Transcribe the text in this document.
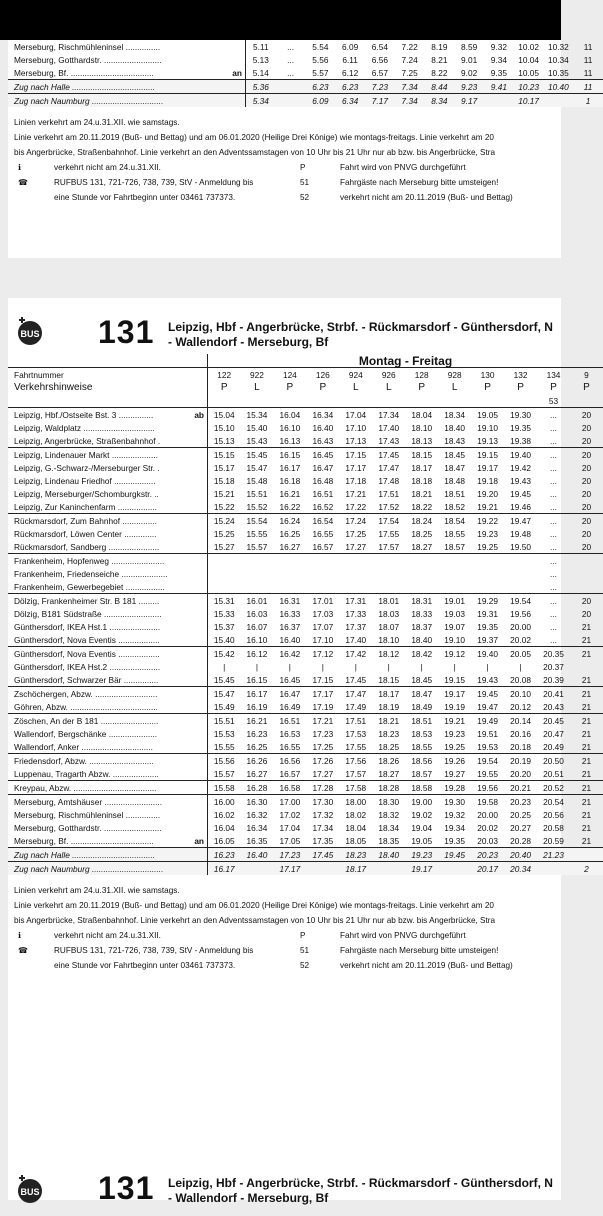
Merseburg, Rischmühleninsel ...............		5.11	...	5.54	6.09	6.54	7.22	8.19	8.59	9.32	10.02	10.32	11
Merseburg, Gotthardstr. .........................		5.13	...	5.56	6.11	6.56	7.24	8.21	9.01	9.34	10.04	10.34	11
Merseburg, Bf. ....................................	an	5.14	...	5.57	6.12	6.57	7.25	8.22	9.02	9.35	10.05	10.35	11
Zug nach Halle ....................................		5.36		6.23	6.23	7.23	7.34	8.44	9.23	9.41	10.23	10.40	11
Zug nach Naumburg ...............................		5.34		6.09	6.34	7.17	7.34	8.34	9.17		10.17		1
Linien verkehrt am 24.u.31.XII. wie samstags.
Linie verkehrt am 20.11.2019 (Buß- und Bettag) und am 06.01.2020 (Heilige Drei Könige) wie montags-freitags. Linie verkehrt am 20
bis Angerbrücke, Straßenbahnhof. Linie verkehrt an den Adventssamstagen von 10 Uhr bis 21 Uhr nur ab bzw. bis Angerbrücke, Stra
ℹ	verkehrt nicht am 24.u.31.XII.	P	Fahrt wird von PNVG durchgeführt
☎	RUFBUS 131, 721-726, 738, 739, StV - Anmeldung bis	51	Fahrgäste nach Merseburg bitte umsteigen!
eine Stunde vor Fahrtbeginn unter 03461 737373.	52	verkehrt nicht am 20.11.2019 (Buß- und Bettag)
BUS 131 Leipzig, Hbf - Angerbrücke, Strbf. - Rückmarsdorf - Günthersdorf, N
- Wallendorf - Merseburg, Bf
		Montag - Freitag											
Fahrtnummer		122	922	124	126	924	926	128	928	130	132	134	9
Verkehrshinweise		P	L	P	P	L	L	P	L	P	P	P	P
												53	
Leipzig, Hbf./Ostseite Bst. 3 ...............	ab	15.04	15.34	16.04	16.34	17.04	17.34	18.04	18.34	19.05	19.30	...	20
Leipzig, Waldplatz ...............................		15.10	15.40	16.10	16.40	17.10	17.40	18.10	18.40	19.10	19.35	...	20
Leipzig, Angerbrücke, Straßenbahnhof .		15.13	15.43	16.13	16.43	17.13	17.43	18.13	18.43	19.13	19.38	...	20
Leipzig, Lindenauer Markt ....................		15.15	15.45	16.15	16.45	17.15	17.45	18.15	18.45	19.15	19.40	...	20
Leipzig, G.-Schwarz-/Merseburger Str. .		15.17	15.47	16.17	16.47	17.17	17.47	18.17	18.47	19.17	19.42	...	20
Leipzig, Lindenau Friedhof ..................		15.18	15.48	16.18	16.48	17.18	17.48	18.18	18.48	19.18	19.43	...	20
Leipzig, Merseburger/Schomburgkstr. ..		15.21	15.51	16.21	16.51	17.21	17.51	18.21	18.51	19.20	19.45	...	20
Leipzig, Zur Kaninchenfarm .................		15.22	15.52	16.22	16.52	17.22	17.52	18.22	18.52	19.21	19.46	...	20
Rückmarsdorf, Zum Bahnhof ...............		15.24	15.54	16.24	16.54	17.24	17.54	18.24	18.54	19.22	19.47	...	20
Rückmarsdorf, Löwen Center ..............		15.25	15.55	16.25	16.55	17.25	17.55	18.25	18.55	19.23	19.48	...	20
Rückmarsdorf, Sandberg ......................		15.27	15.57	16.27	16.57	17.27	17.57	18.27	18.57	19.25	19.50	...	20
Frankenheim, Hopfenweg .......................												...	
Frankenheim, Friedenseiche ....................												...	
Frankenheim, Gewerbegebiet .................												...	
Dölzig, Frankenheimer Str. B 181 .........		15.31	16.01	16.31	17.01	17.31	18.01	18.31	19.01	19.29	19.54	...	20
Dölzig, B181 Südstraße .........................		15.33	16.03	16.33	17.03	17.33	18.03	18.33	19.03	19.31	19.56	...	20
Günthersdorf, IKEA Hst.1 ......................		15.37	16.07	16.37	17.07	17.37	18.07	18.37	19.07	19.35	20.00	...	21
Günthersdorf, Nova Eventis ..................		15.40	16.10	16.40	17.10	17.40	18.10	18.40	19.10	19.37	20.02	...	21
Günthersdorf, Nova Eventis ..................		15.42	16.12	16.42	17.12	17.42	18.12	18.42	19.12	19.40	20.05	20.35	21
Günthersdorf, IKEA Hst.2 ......................		|	|	|	|	|	|	|	|	|	|	20.37	
Günthersdorf, Schwarzer Bär ...............		15.45	16.15	16.45	17.15	17.45	18.15	18.45	19.15	19.43	20.08	20.39	21
Zschöchergen, Abzw. ...........................		15.47	16.17	16.47	17.17	17.47	18.17	18.47	19.17	19.45	20.10	20.41	21
Göhren, Abzw. ......................................		15.49	16.19	16.49	17.19	17.49	18.19	18.49	19.19	19.47	20.12	20.43	21
Zöschen, An der B 181 .........................		15.51	16.21	16.51	17.21	17.51	18.21	18.51	19.21	19.49	20.14	20.45	21
Wallendorf, Bergschänke .....................		15.53	16.23	16.53	17.23	17.53	18.23	18.53	19.23	19.51	20.16	20.47	21
Wallendorf, Anker ...............................		15.55	16.25	16.55	17.25	17.55	18.25	18.55	19.25	19.53	20.18	20.49	21
Friedensdorf, Abzw. ............................		15.56	16.26	16.56	17.26	17.56	18.26	18.56	19.26	19.54	20.19	20.50	21
Luppenau, Tragarth Abzw. ....................		15.57	16.27	16.57	17.27	17.57	18.27	18.57	19.27	19.55	20.20	20.51	21
Kreypau, Abzw. ....................................		15.58	16.28	16.58	17.28	17.58	18.28	18.58	19.28	19.56	20.21	20.52	21
Merseburg, Amtshäuser .........................		16.00	16.30	17.00	17.30	18.00	18.30	19.00	19.30	19.58	20.23	20.54	21
Merseburg, Rischmühleninsel ...............		16.02	16.32	17.02	17.32	18.02	18.32	19.02	19.32	20.00	20.25	20.56	21
Merseburg, Gotthardstr. .........................		16.04	16.34	17.04	17.34	18.04	18.34	19.04	19.34	20.02	20.27	20.58	21
Merseburg, Bf. ....................................	an	16.05	16.35	17.05	17.35	18.05	18.35	19.05	19.35	20.03	20.28	20.59	21
Zug nach Halle ....................................		16.23	16.40	17.23	17.45	18.23	18.40	19.23	19.45	20.23	20.40	21.23	
Zug nach Naumburg ...............................		16.17		17.17		18.17		19.17		20.17	20.34		2
Linien verkehrt am 24.u.31.XII. wie samstags.
Linie verkehrt am 20.11.2019 (Buß- und Bettag) und am 06.01.2020 (Heilige Drei Könige) wie montags-freitags. Linie verkehrt am 20
bis Angerbrücke, Straßenbahnhof. Linie verkehrt an den Adventssamstagen von 10 Uhr bis 21 Uhr nur ab bzw. bis Angerbrücke, Stra
ℹ	verkehrt nicht am 24.u.31.XII.	P	Fahrt wird von PNVG durchgeführt
☎	RUFBUS 131, 721-726, 738, 739, StV - Anmeldung bis	51	Fahrgäste nach Merseburg bitte umsteigen!
eine Stunde vor Fahrtbeginn unter 03461 737373.	52	verkehrt nicht am 20.11.2019 (Buß- und Bettag)
BUS 131 Leipzig, Hbf - Angerbrücke, Strbf. - Rückmarsdorf - Günthersdorf, N
- Wallendorf - Merseburg, Bf
